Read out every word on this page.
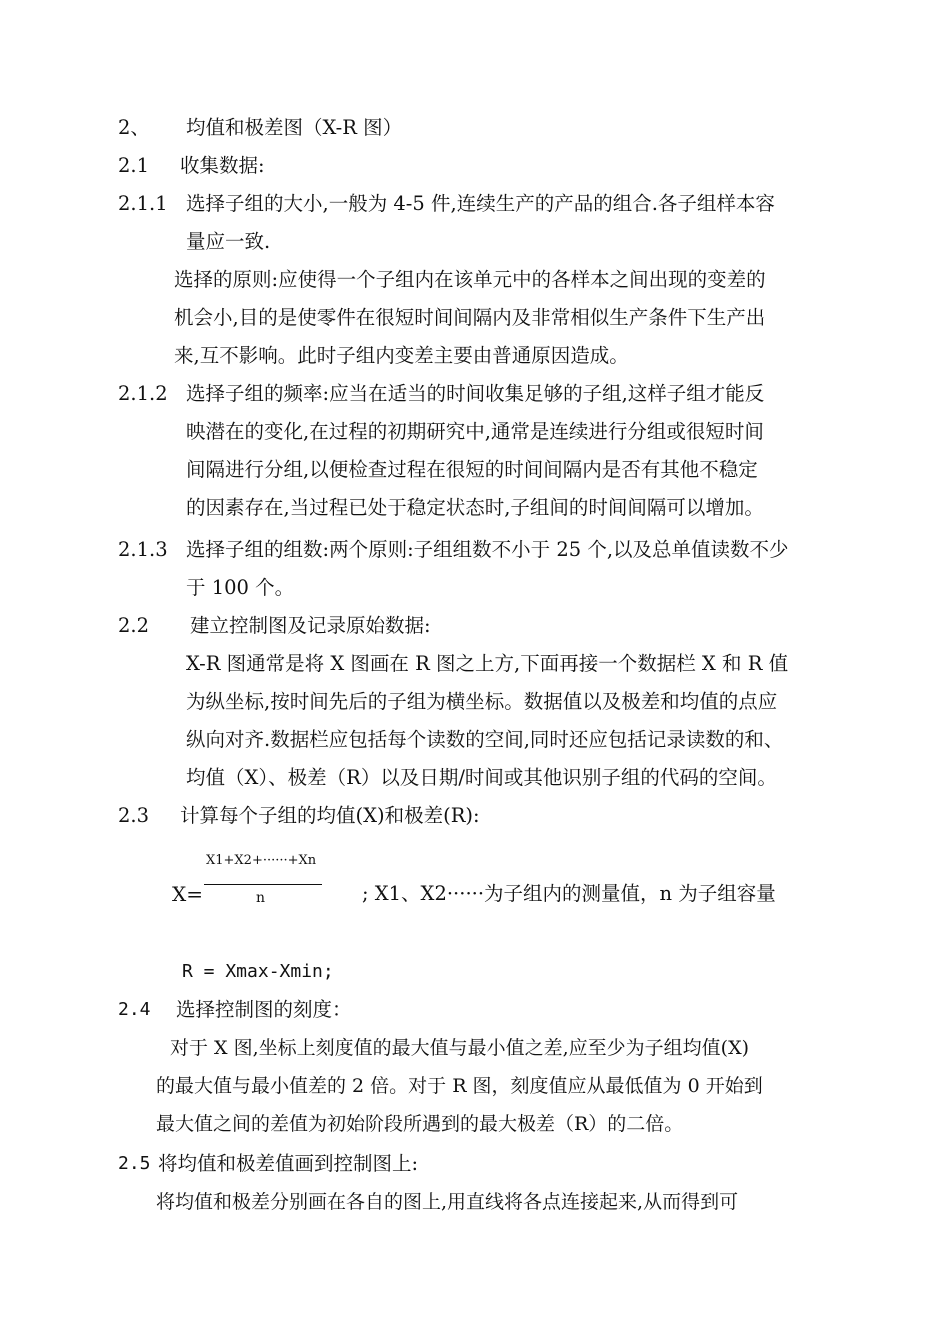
2、 均值和极差图（X-R 图）
2.1 收集数据:
2.1.1 选择子组的大小,一般为 4-5 件,连续生产的产品的组合.各子组样本容
量应一致.
选择的原则:应使得一个子组内在该单元中的各样本之间出现的变差的
机会小,目的是使零件在很短时间间隔内及非常相似生产条件下生产出
来,互不影响。此时子组内变差主要由普通原因造成。
2.1.2 选择子组的频率:应当在适当的时间收集足够的子组,这样子组才能反
映潜在的变化,在过程的初期研究中,通常是连续进行分组或很短时间
间隔进行分组,以便检查过程在很短的时间间隔内是否有其他不稳定
的因素存在,当过程已处于稳定状态时,子组间的时间间隔可以增加。
2.1.3 选择子组的组数:两个原则:子组组数不小于 25 个,以及总单值读数不少
于 100 个。
2.2 建立控制图及记录原始数据:
X-R 图通常是将 X 图画在 R 图之上方,下面再接一个数据栏 X 和 R 值
为纵坐标,按时间先后的子组为横坐标。数据值以及极差和均值的点应
纵向对齐.数据栏应包括每个读数的空间,同时还应包括记录读数的和、
均值（X）、极差（R）以及日期/时间或其他识别子组的代码的空间。
2.3 计算每个子组的均值(X)和极差(R):
X1+X2+······+Xn
X=	n	; X1、X2······为子组内的测量值，n 为子组容量
R = Xmax-Xmin;
2.4 选择控制图的刻度：
对于 X 图,坐标上刻度值的最大值与最小值之差,应至少为子组均值(X)
的最大值与最小值差的 2 倍。对于 R 图，刻度值应从最低值为 0 开始到
最大值之间的差值为初始阶段所遇到的最大极差（R）的二倍。
2.5 将均值和极差值画到控制图上:
将均值和极差分别画在各自的图上,用直线将各点连接起来,从而得到可
